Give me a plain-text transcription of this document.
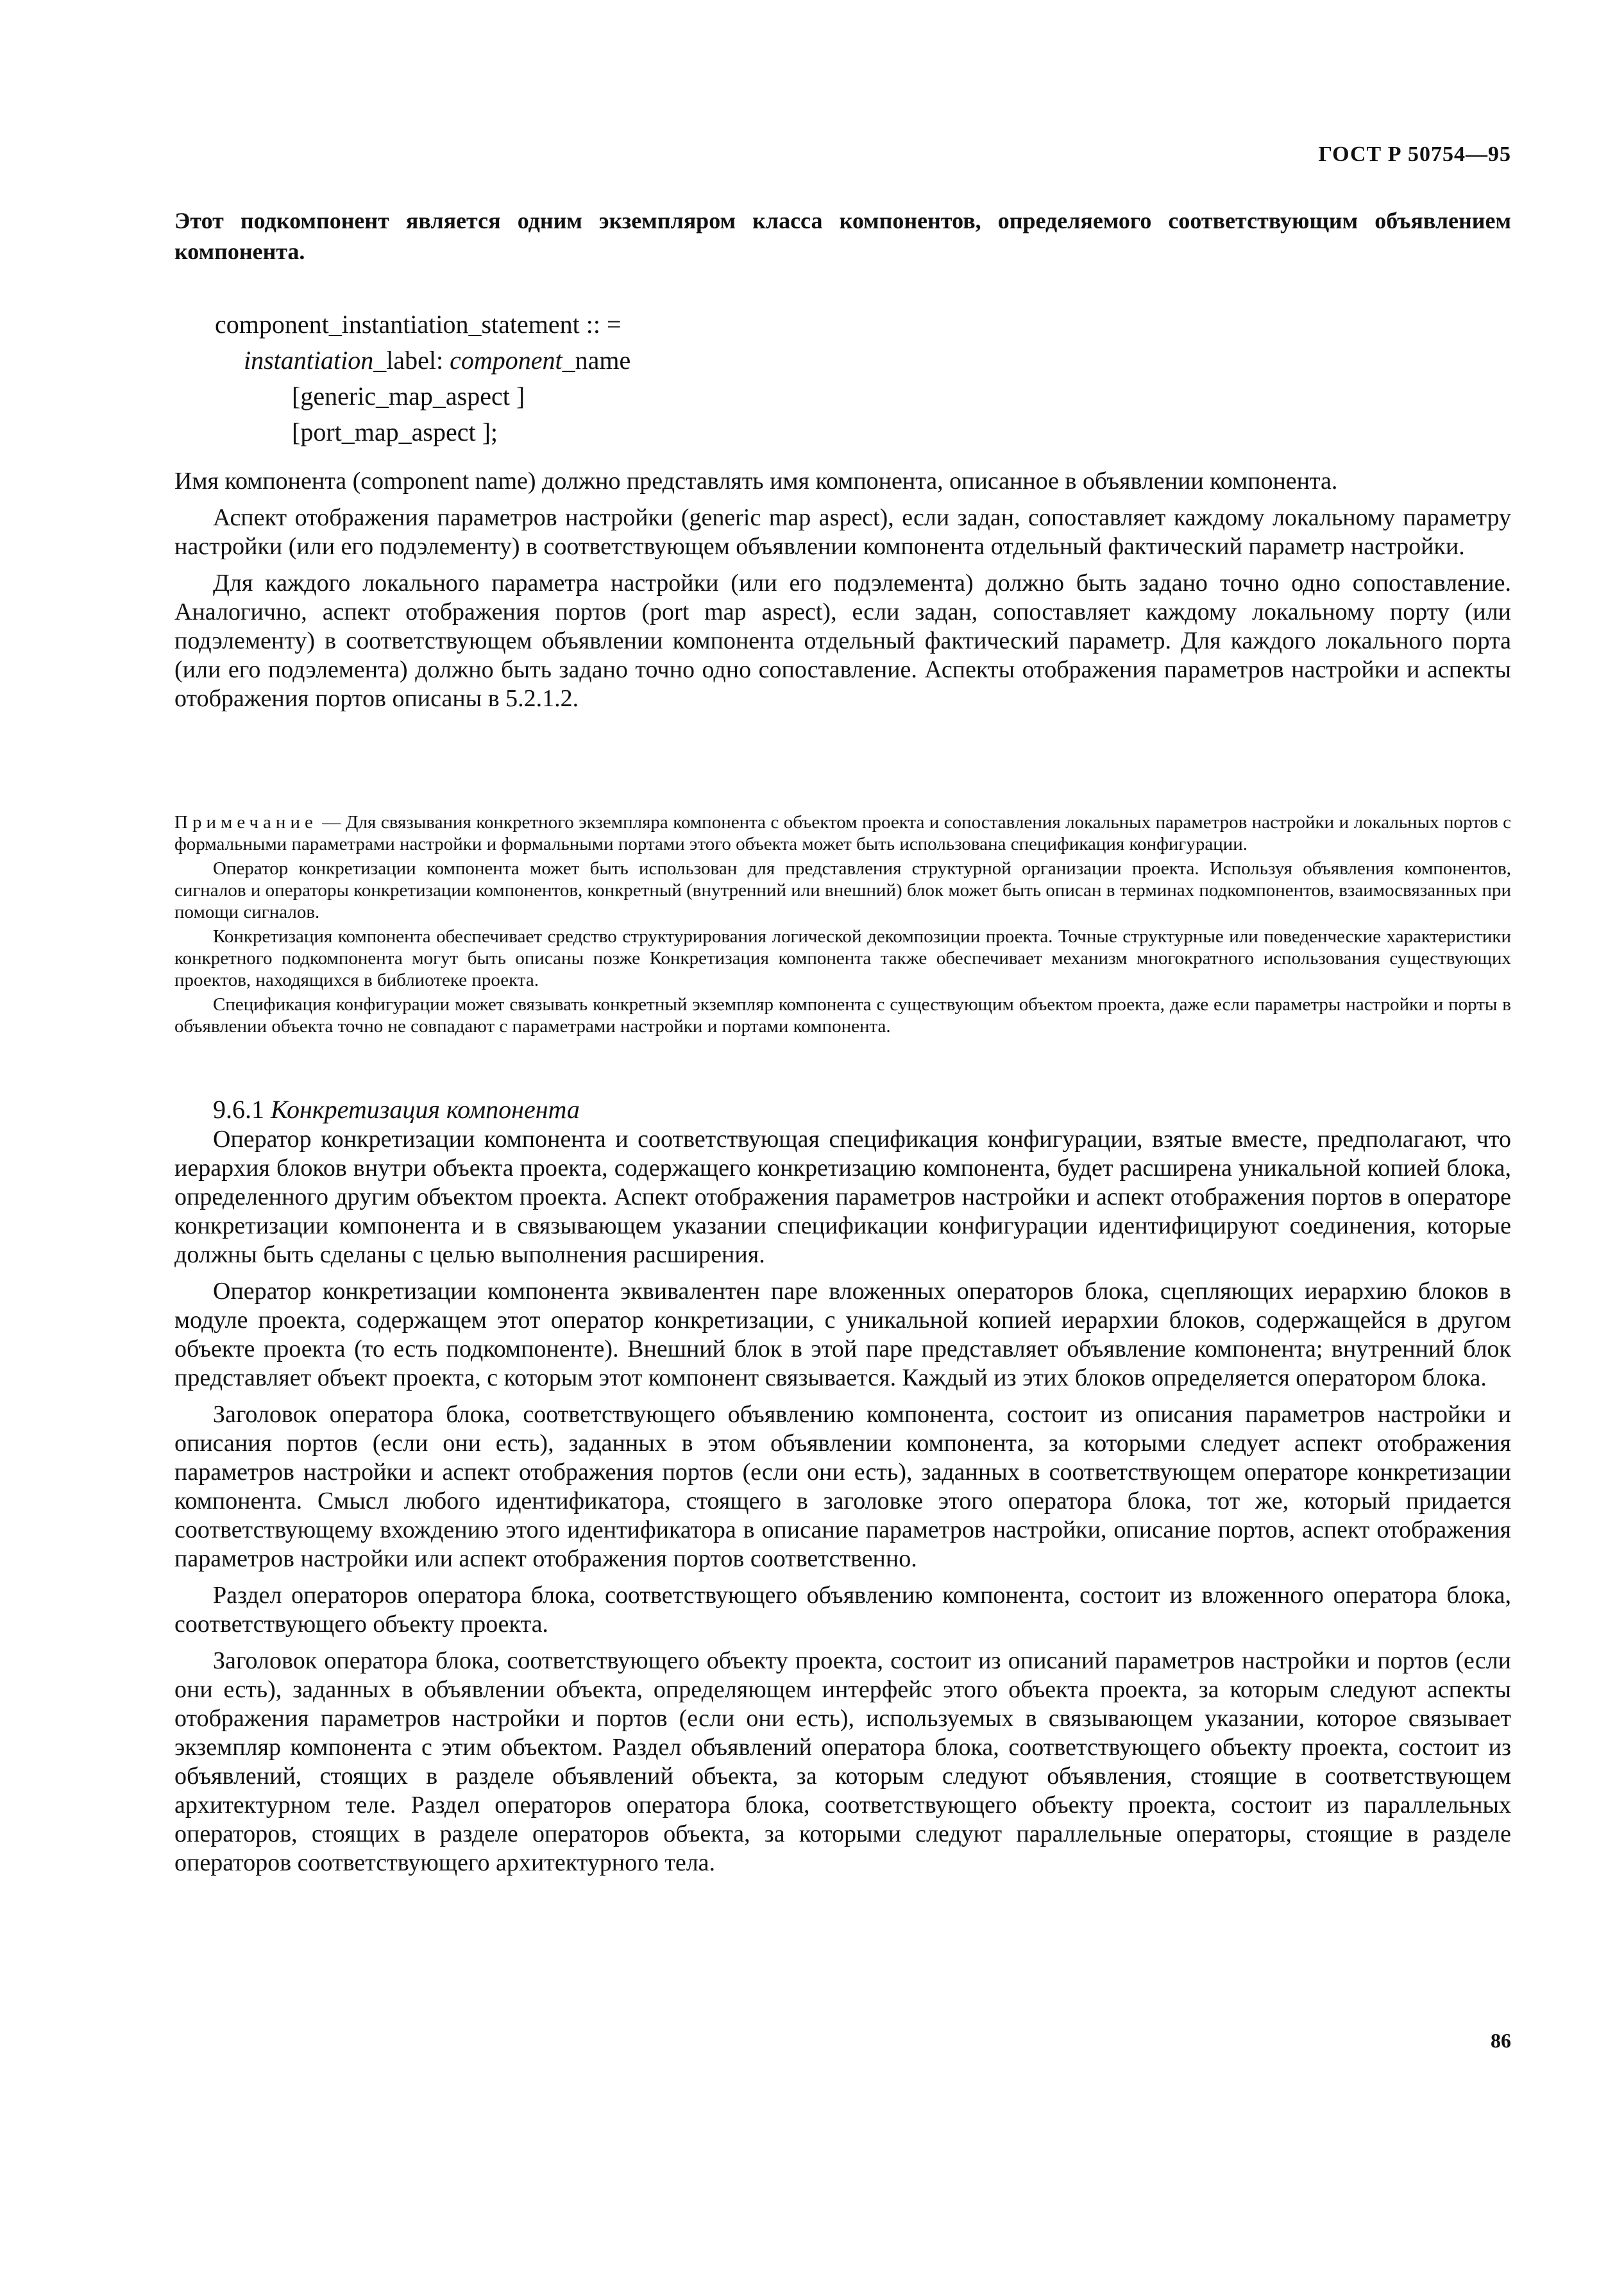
ГОСТ Р 50754—95
Этот подкомпонент является одним экземпляром класса компонентов, определяемого соответствующим объявлением компонента.
component_instantiation_statement :: =
instantiation_label: component_name
[generic_map_aspect ]
[port_map_aspect ];

Имя компонента (component name) должно представлять имя компонента, описанное в объявлении компонента.

Аспект отображения параметров настройки (generic map aspect), если задан, сопоставляет каждому локальному параметру настройки (или его подэлементу) в соответствующем объявлении компонента отдельный фактический параметр настройки.

Для каждого локального параметра настройки (или его подэлемента) должно быть задано точно одно сопоставление. Аналогично, аспект отображения портов (port map aspect), если задан, сопоставляет каждому локальному порту (или подэлементу) в соответствующем объявлении компонента отдельный фактический параметр. Для каждого локального порта (или его подэлемента) должно быть задано точно одно сопоставление. Аспекты отображения параметров настройки и аспекты отображения портов описаны в 5.2.1.2.

Примечание — Для связывания конкретного экземпляра компонента с объектом проекта и сопоставления локальных параметров настройки и локальных портов с формальными параметрами настройки и формальными портами этого объекта может быть использована спецификация конфигурации.

Оператор конкретизации компонента может быть использован для представления структурной организации проекта. Используя объявления компонентов, сигналов и операторы конкретизации компонентов, конкретный (внутренний или внешний) блок может быть описан в терминах подкомпонентов, взаимосвязанных при помощи сигналов.

Конкретизация компонента обеспечивает средство структурирования логической декомпозиции проекта. Точные структурные или поведенческие характеристики конкретного подкомпонента могут быть описаны позже Конкретизация компонента также обеспечивает механизм многократного использования существующих проектов, находящихся в библиотеке проекта.

Спецификация конфигурации может связывать конкретный экземпляр компонента с существующим объектом проекта, даже если параметры настройки и порты в объявлении объекта точно не совпадают с параметрами настройки и портами компонента.

9.6.1 Конкретизация компонента

Оператор конкретизации компонента и соответствующая спецификация конфигурации, взятые вместе, предполагают, что иерархия блоков внутри объекта проекта, содержащего конкретизацию компонента, будет расширена уникальной копией блока, определенного другим объектом проекта. Аспект отображения параметров настройки и аспект отображения портов в операторе конкретизации компонента и в связывающем указании спецификации конфигурации идентифицируют соединения, которые должны быть сделаны с целью выполнения расширения.

Оператор конкретизации компонента эквивалентен паре вложенных операторов блока, сцепляющих иерархию блоков в модуле проекта, содержащем этот оператор конкретизации, с уникальной копией иерархии блоков, содержащейся в другом объекте проекта (то есть подкомпоненте). Внешний блок в этой паре представляет объявление компонента; внутренний блок представляет объект проекта, с которым этот компонент связывается. Каждый из этих блоков определяется оператором блока.

Заголовок оператора блока, соответствующего объявлению компонента, состоит из описания параметров настройки и описания портов (если они есть), заданных в этом объявлении компонента, за которыми следует аспект отображения параметров настройки и аспект отображения портов (если они есть), заданных в соответствующем операторе конкретизации компонента. Смысл любого идентификатора, стоящего в заголовке этого оператора блока, тот же, который придается соответствующему вхождению этого идентификатора в описание параметров настройки, описание портов, аспект отображения параметров настройки или аспект отображения портов соответственно.

Раздел операторов оператора блока, соответствующего объявлению компонента, состоит из вложенного оператора блока, соответствующего объекту проекта.

Заголовок оператора блока, соответствующего объекту проекта, состоит из описаний параметров настройки и портов (если они есть), заданных в объявлении объекта, определяющем интерфейс этого объекта проекта, за которым следуют аспекты отображения параметров настройки и портов (если они есть), используемых в связывающем указании, которое связывает экземпляр компонента с этим объектом. Раздел объявлений оператора блока, соответствующего объекту проекта, состоит из объявлений, стоящих в разделе объявлений объекта, за которым следуют объявления, стоящие в соответствующем архитектурном теле. Раздел операторов оператора блока, соответствующего объекту проекта, состоит из параллельных операторов, стоящих в разделе операторов объекта, за которыми следуют параллельные операторы, стоящие в разделе операторов соответствующего архитектурного тела.

86
